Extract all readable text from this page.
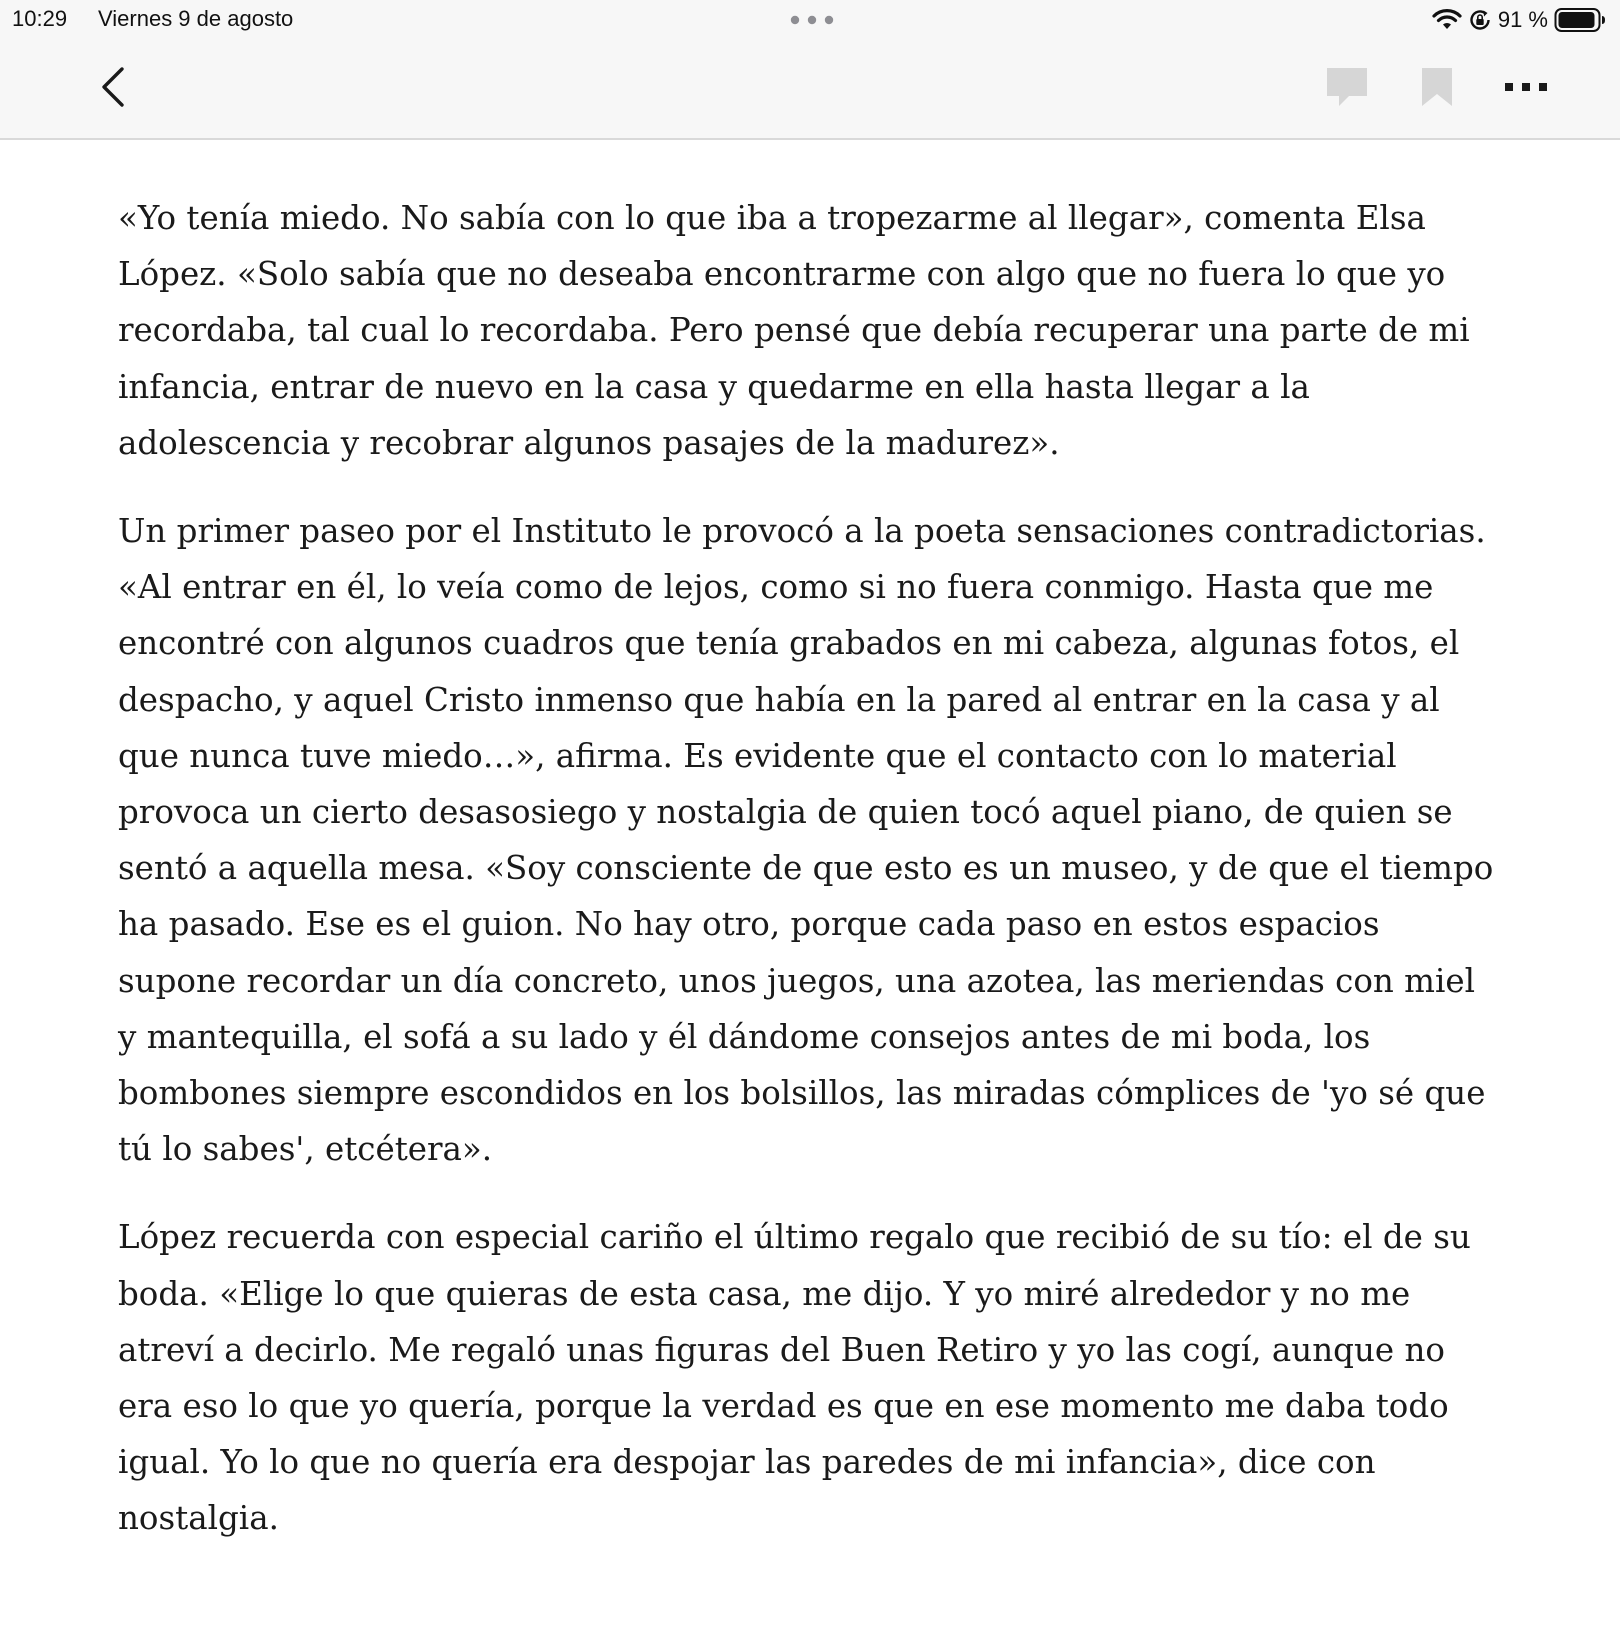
10:29 Viernes 9 de agosto	91 %

«Yo tenía miedo. No sabía con lo que iba a tropezarme al llegar», comenta Elsa López. «Solo sabía que no deseaba encontrarme con algo que no fuera lo que yo recordaba, tal cual lo recordaba. Pero pensé que debía recuperar una parte de mi infancia, entrar de nuevo en la casa y quedarme en ella hasta llegar a la adolescencia y recobrar algunos pasajes de la madurez».

Un primer paseo por el Instituto le provocó a la poeta sensaciones contradictorias. «Al entrar en él, lo veía como de lejos, como si no fuera conmigo. Hasta que me encontré con algunos cuadros que tenía grabados en mi cabeza, algunas fotos, el despacho, y aquel Cristo inmenso que había en la pared al entrar en la casa y al que nunca tuve miedo…», afirma. Es evidente que el contacto con lo material provoca un cierto desasosiego y nostalgia de quien tocó aquel piano, de quien se sentó a aquella mesa. «Soy consciente de que esto es un museo, y de que el tiempo ha pasado. Ese es el guion. No hay otro, porque cada paso en estos espacios supone recordar un día concreto, unos juegos, una azotea, las meriendas con miel y mantequilla, el sofá a su lado y él dándome consejos antes de mi boda, los bombones siempre escondidos en los bolsillos, las miradas cómplices de 'yo sé que tú lo sabes', etcétera».

López recuerda con especial cariño el último regalo que recibió de su tío: el de su boda. «Elige lo que quieras de esta casa, me dijo. Y yo miré alrededor y no me atreví a decirlo. Me regaló unas figuras del Buen Retiro y yo las cogí, aunque no era eso lo que yo quería, porque la verdad es que en ese momento me daba todo igual. Yo lo que no quería era despojar las paredes de mi infancia», dice con nostalgia.
